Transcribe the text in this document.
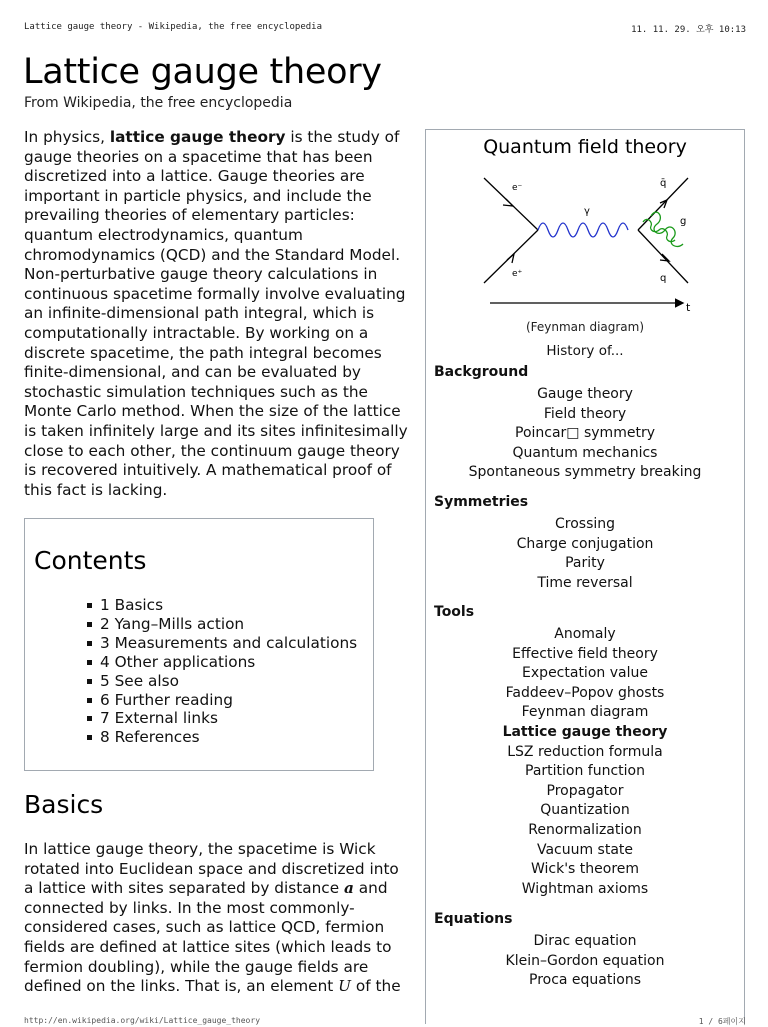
Lattice gauge theory - Wikipedia, the free encyclopedia	11. 11. 29. 오후 10:13
Lattice gauge theory
From Wikipedia, the free encyclopedia

In physics, lattice gauge theory is the study of gauge theories on a spacetime that has been discretized into a lattice. Gauge theories are important in particle physics, and include the prevailing theories of elementary particles: quantum electrodynamics, quantum chromodynamics (QCD) and the Standard Model. Non-perturbative gauge theory calculations in continuous spacetime formally involve evaluating an infinite-dimensional path integral, which is computationally intractable. By working on a discrete spacetime, the path integral becomes finite-dimensional, and can be evaluated by stochastic simulation techniques such as the Monte Carlo method. When the size of the lattice is taken infinitely large and its sites infinitesimally close to each other, the continuum gauge theory is recovered intuitively. A mathematical proof of this fact is lacking.

Contents
1 Basics
2 Yang–Mills action
3 Measurements and calculations
4 Other applications
5 See also
6 Further reading
7 External links
8 References
Basics

In lattice gauge theory, the spacetime is Wick rotated into Euclidean space and discretized into a lattice with sites separated by distance a and connected by links. In the most commonly-considered cases, such as lattice QCD, fermion fields are defined at lattice sites (which leads to fermion doubling), while the gauge fields are defined on the links. That is, an element U of the

Quantum field theory
e⁻
e⁺
γ
q̄
g
q
t
(Feynman diagram)
History of...
Background
Gauge theory
Field theory
Poincar□ symmetry
Quantum mechanics
Spontaneous symmetry breaking
Symmetries
Crossing
Charge conjugation
Parity
Time reversal
Tools
Anomaly
Effective field theory
Expectation value
Faddeev–Popov ghosts
Feynman diagram
Lattice gauge theory
LSZ reduction formula
Partition function
Propagator
Quantization
Renormalization
Vacuum state
Wick's theorem
Wightman axioms
Equations
Dirac equation
Klein–Gordon equation
Proca equations
http://en.wikipedia.org/wiki/Lattice_gauge_theory	1 / 6페이지
